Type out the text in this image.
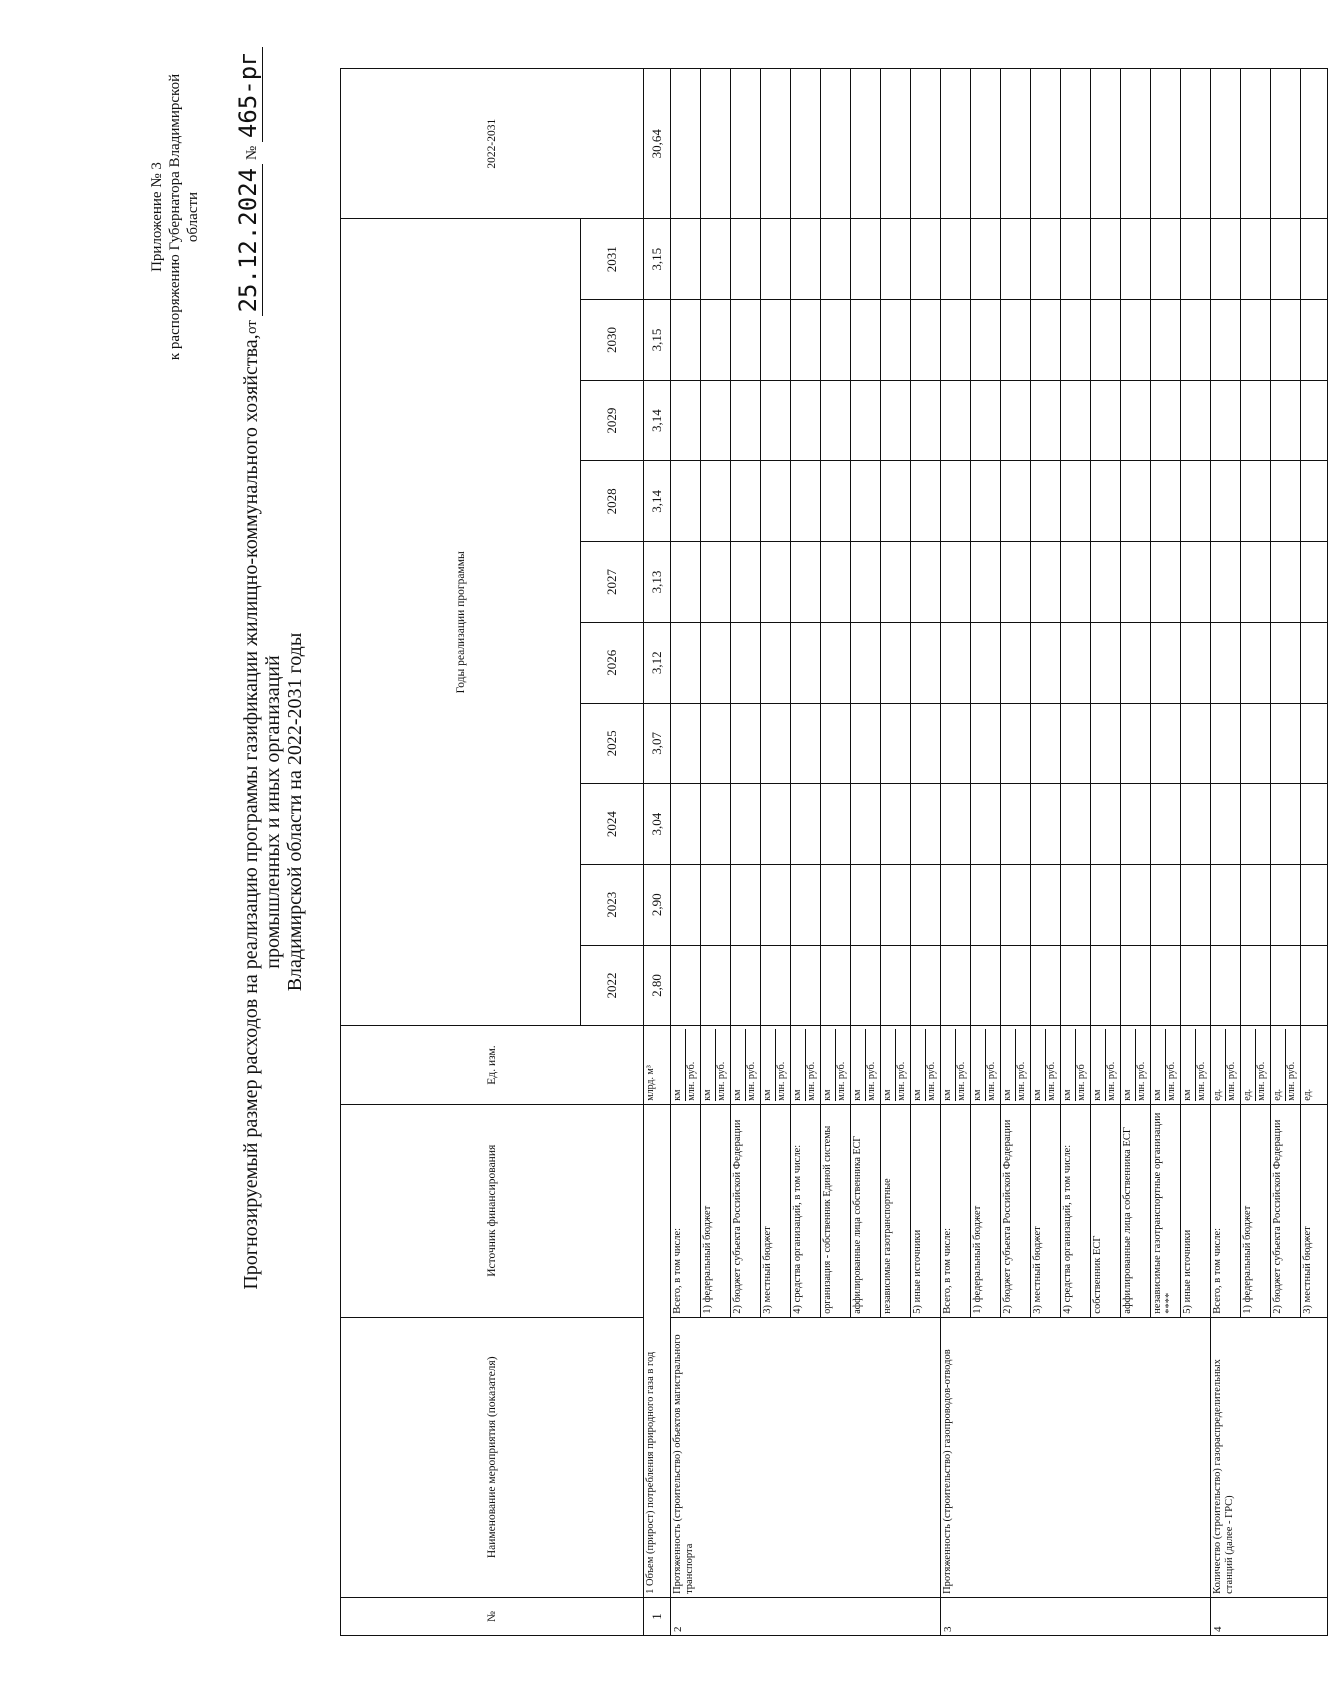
Приложение № 3 к распоряжению Губернатора Владимирской области
от 25.12.2024 № 465-рг
Прогнозируемый размер расходов на реализацию программы газификации жилищно-коммунального хозяйства, промышленных и иных организаций Владимирской области на 2022-2031 годы
№	Наименование мероприятия (показателя)	Источник финансирования	Ед. изм.	Годы реализации программы										2022-2031
				2022	2023	2024	2025	2026	2027	2028	2029	2030	2031	
1	1 Объем (прирост) потребления природного газа в год		млрд. м³	2,80	2,90	3,04	3,07	3,12	3,13	3,14	3,14	3,15	3,15	30,64
2	Протяженность (строительство) объектов магистрального транспорта	Всего, в том числе:	км млн. руб.											

		1) федеральный бюджет	км млн. руб.											

		2) бюджет субъекта Российской Федерации	км млн. руб.											

		3) местный бюджет	км млн. руб.											

		4) средства организаций, в том числе:	км млн. руб.											

		организация - собственник Единой системы	км млн. руб.											

		аффилированные лица собственника ЕСГ	км млн. руб.											

		независимые газотранспортные	км млн. руб.											

		5) иные источники	км млн. руб.											

3	Протяженность (строительство) газопроводов-отводов	Всего, в том числе:	км млн. руб.											

		1) федеральный бюджет	км млн. руб.											

		2) бюджет субъекта Российской Федерации	км млн. руб.											

		3) местный бюджет	км млн. руб.											

		4) средства организаций, в том числе:	км млн. руб											

		собственник ЕСГ	км млн. руб.											

		аффилированные лица собственника ЕСГ	км млн. руб.											

		независимые газотранспортные организации ****	км млн. руб.											

		5) иные источники	км млн. руб.											

4	Количество (строительство) газораспределительных станций (далее - ГРС)	Всего, в том числе:	ед. млн. руб.											

		1) федеральный бюджет	ед. млн. руб.											

		2) бюджет субъекта Российской Федерации	ед. млн. руб.											

		3) местный бюджет	ед.											
